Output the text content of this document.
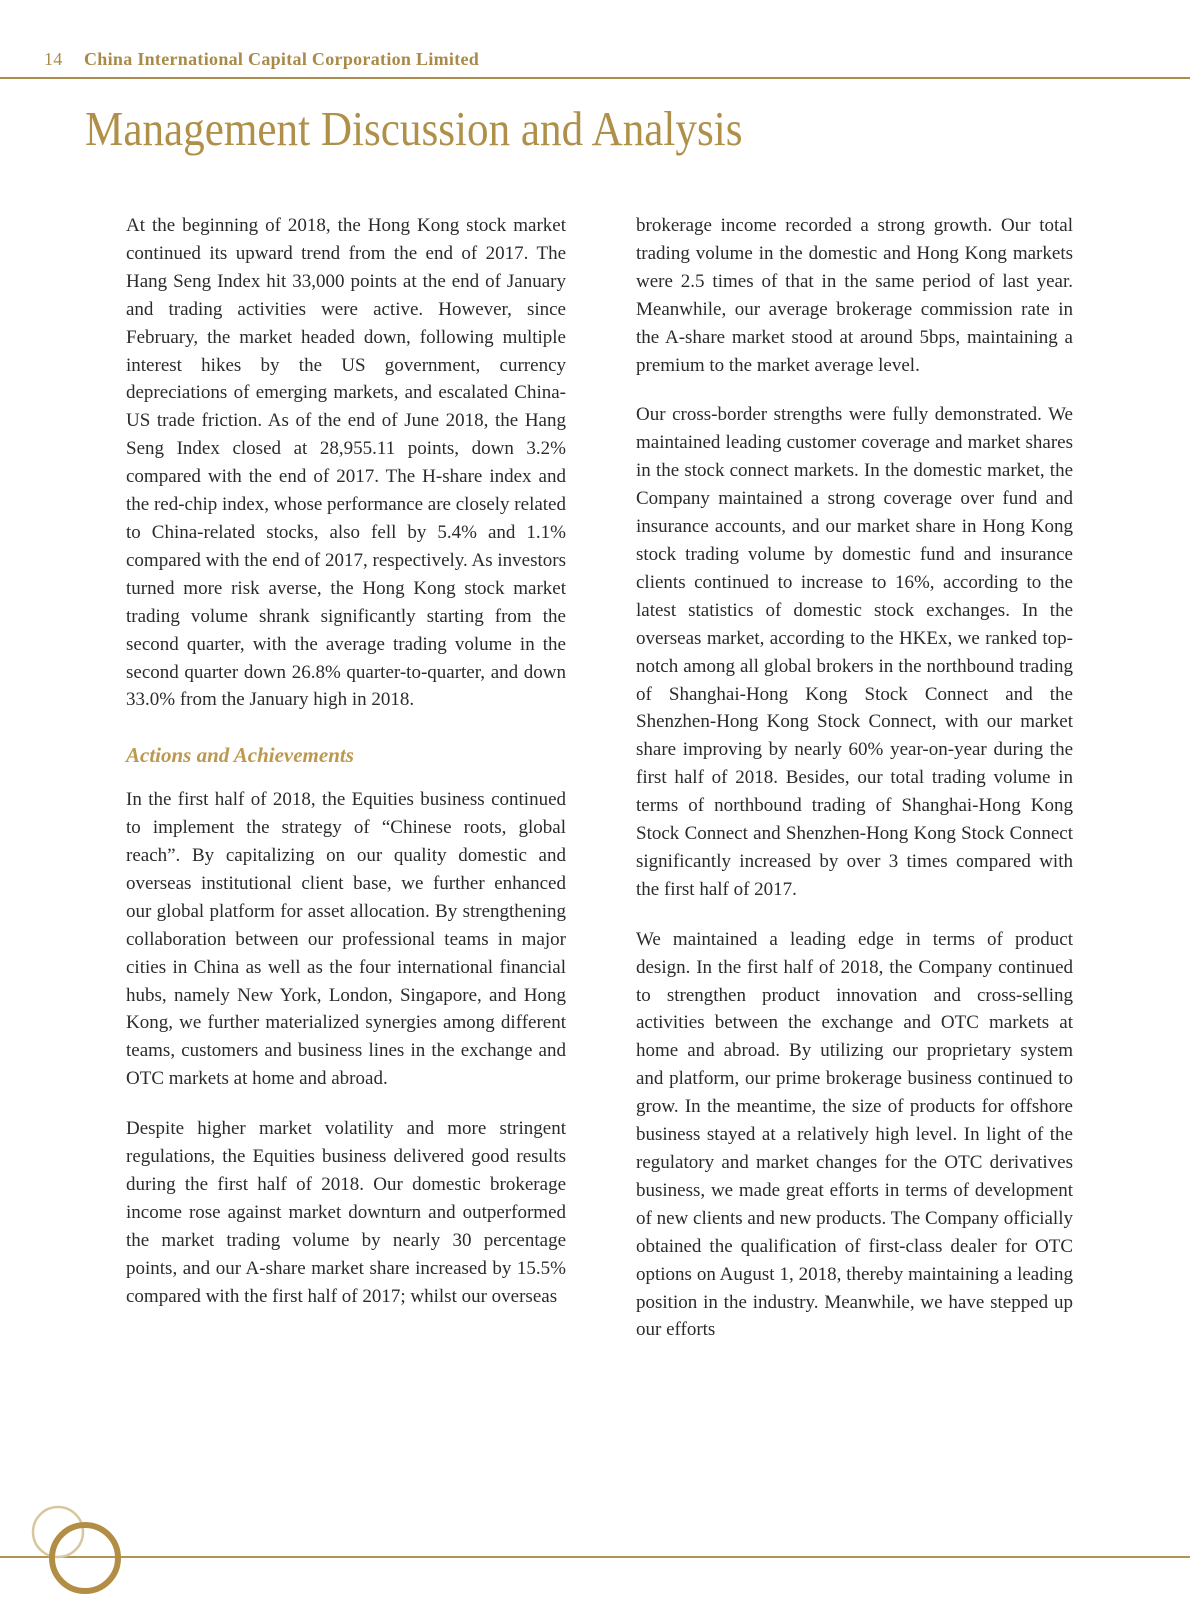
14 China International Capital Corporation Limited
Management Discussion and Analysis

At the beginning of 2018, the Hong Kong stock market continued its upward trend from the end of 2017. The Hang Seng Index hit 33,000 points at the end of January and trading activities were active. However, since February, the market headed down, following multiple interest hikes by the US government, currency depreciations of emerging markets, and escalated China-US trade friction. As of the end of June 2018, the Hang Seng Index closed at 28,955.11 points, down 3.2% compared with the end of 2017. The H-share index and the red-chip index, whose performance are closely related to China-related stocks, also fell by 5.4% and 1.1% compared with the end of 2017, respectively. As investors turned more risk averse, the Hong Kong stock market trading volume shrank significantly starting from the second quarter, with the average trading volume in the second quarter down 26.8% quarter-to-quarter, and down 33.0% from the January high in 2018.

Actions and Achievements

In the first half of 2018, the Equities business continued to implement the strategy of “Chinese roots, global reach”. By capitalizing on our quality domestic and overseas institutional client base, we further enhanced our global platform for asset allocation. By strengthening collaboration between our professional teams in major cities in China as well as the four international financial hubs, namely New York, London, Singapore, and Hong Kong, we further materialized synergies among different teams, customers and business lines in the exchange and OTC markets at home and abroad.

Despite higher market volatility and more stringent regulations, the Equities business delivered good results during the first half of 2018. Our domestic brokerage income rose against market downturn and outperformed the market trading volume by nearly 30 percentage points, and our A-share market share increased by 15.5% compared with the first half of 2017; whilst our overseas

brokerage income recorded a strong growth. Our total trading volume in the domestic and Hong Kong markets were 2.5 times of that in the same period of last year. Meanwhile, our average brokerage commission rate in the A-share market stood at around 5bps, maintaining a premium to the market average level.

Our cross-border strengths were fully demonstrated. We maintained leading customer coverage and market shares in the stock connect markets. In the domestic market, the Company maintained a strong coverage over fund and insurance accounts, and our market share in Hong Kong stock trading volume by domestic fund and insurance clients continued to increase to 16%, according to the latest statistics of domestic stock exchanges. In the overseas market, according to the HKEx, we ranked top-notch among all global brokers in the northbound trading of Shanghai-Hong Kong Stock Connect and the Shenzhen-Hong Kong Stock Connect, with our market share improving by nearly 60% year-on-year during the first half of 2018. Besides, our total trading volume in terms of northbound trading of Shanghai-Hong Kong Stock Connect and Shenzhen-Hong Kong Stock Connect significantly increased by over 3 times compared with the first half of 2017.

We maintained a leading edge in terms of product design. In the first half of 2018, the Company continued to strengthen product innovation and cross-selling activities between the exchange and OTC markets at home and abroad. By utilizing our proprietary system and platform, our prime brokerage business continued to grow. In the meantime, the size of products for offshore business stayed at a relatively high level. In light of the regulatory and market changes for the OTC derivatives business, we made great efforts in terms of development of new clients and new products. The Company officially obtained the qualification of first-class dealer for OTC options on August 1, 2018, thereby maintaining a leading position in the industry. Meanwhile, we have stepped up our efforts
